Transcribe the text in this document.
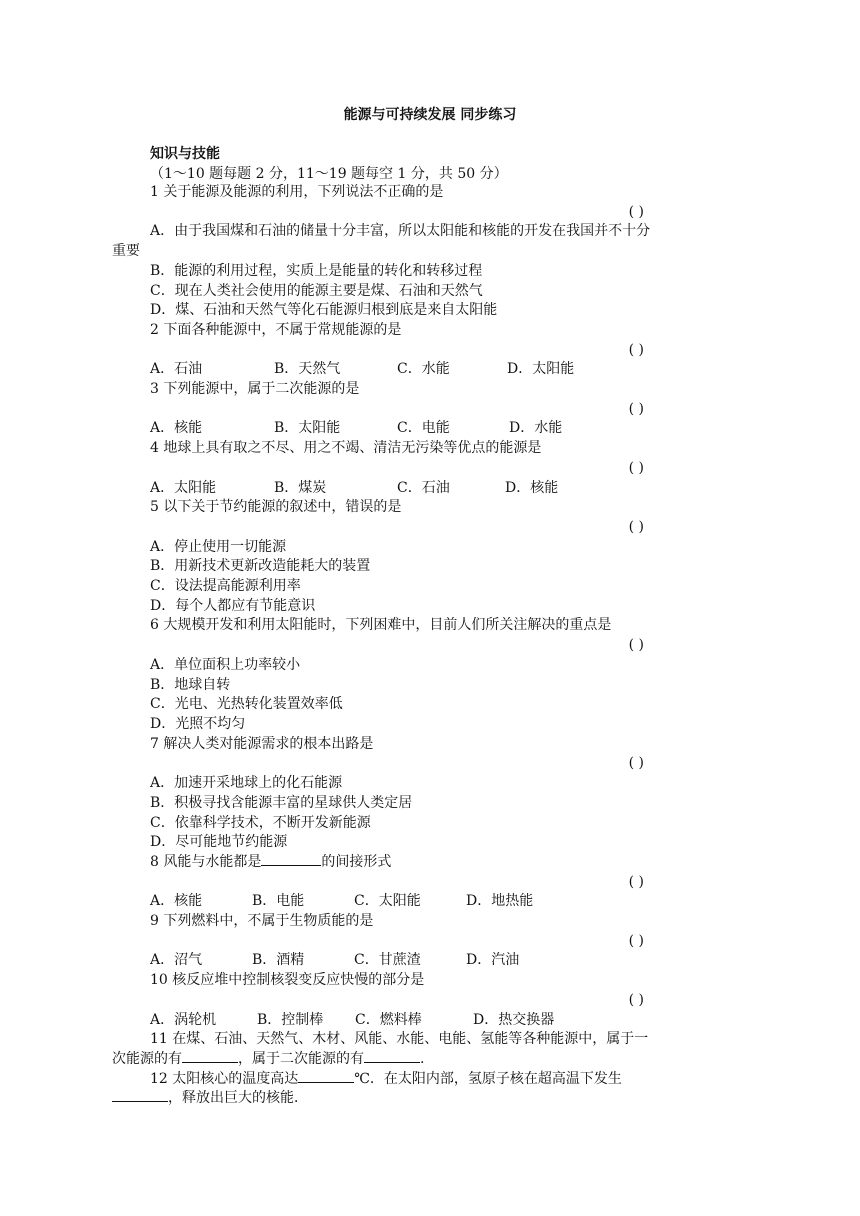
能源与可持续发展 同步练习
知识与技能
（1～10 题每题 2 分，11～19 题每空 1 分，共 50 分）
1 关于能源及能源的利用，下列说法不正确的是
( )
A．由于我国煤和石油的储量十分丰富，所以太阳能和核能的开发在我国并不十分重要
B．能源的利用过程，实质上是能量的转化和转移过程
C．现在人类社会使用的能源主要是煤、石油和天然气
D．煤、石油和天然气等化石能源归根到底是来自太阳能
2 下面各种能源中，不属于常规能源的是
( )
A．石油	B．天然气	C．水能	D．太阳能
3 下列能源中，属于二次能源的是
( )
A．核能	B．太阳能	C．电能	D．水能
4 地球上具有取之不尽、用之不竭、清洁无污染等优点的能源是
( )
A．太阳能	B．煤炭	C．石油	D．核能
5 以下关于节约能源的叙述中，错误的是
( )
A．停止使用一切能源
B．用新技术更新改造能耗大的装置
C．设法提高能源利用率
D．每个人都应有节能意识
6 大规模开发和利用太阳能时，下列困难中，目前人们所关注解决的重点是
( )
A．单位面积上功率较小
B．地球自转
C．光电、光热转化装置效率低
D．光照不均匀
7 解决人类对能源需求的根本出路是
( )
A．加速开采地球上的化石能源
B．积极寻找含能源丰富的星球供人类定居
C．依靠科学技术，不断开发新能源
D．尽可能地节约能源
8 风能与水能都是	的间接形式
( )
A．核能	B．电能	C．太阳能	D．地热能
9 下列燃料中，不属于生物质能的是
( )
A．沼气	B．酒精	C．甘蔗渣	D．汽油
10 核反应堆中控制核裂变反应快慢的部分是
( )
A．涡轮机	B．控制棒	C．燃料棒	D．热交换器
11 在煤、石油、天然气、木材、风能、水能、电能、氢能等各种能源中，属于一次能源的有	，属于二次能源的有	.
12 太阳核心的温度高达	℃．在太阳内部，氢原子核在超高温下发生，释放出巨大的核能．
